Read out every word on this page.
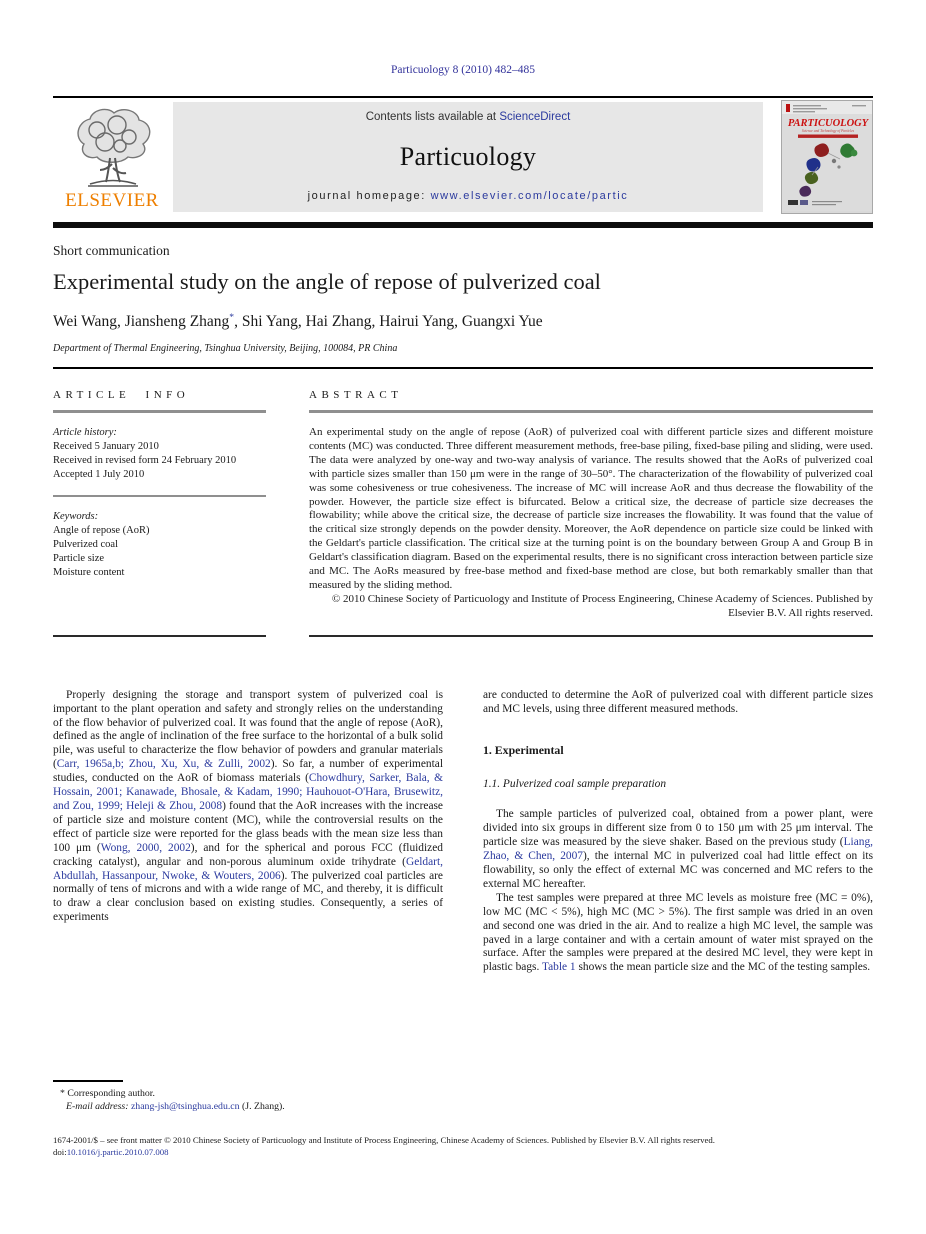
Particuology 8 (2010) 482–485
ELSEVIER
Contents lists available at ScienceDirect
Particuology
journal homepage: www.elsevier.com/locate/partic
PARTICUOLOGY
Science and Technology of Particles
Short communication
Experimental study on the angle of repose of pulverized coal
Wei Wang, Jiansheng Zhang*, Shi Yang, Hai Zhang, Hairui Yang, Guangxi Yue
Department of Thermal Engineering, Tsinghua University, Beijing, 100084, PR China
ARTICLE INFO
Article history:
Received 5 January 2010
Received in revised form 24 February 2010
Accepted 1 July 2010
Keywords:
Angle of repose (AoR)
Pulverized coal
Particle size
Moisture content
ABSTRACT
An experimental study on the angle of repose (AoR) of pulverized coal with different particle sizes and different moisture contents (MC) was conducted. Three different measurement methods, free-base piling, fixed-base piling and sliding, were used. The data were analyzed by one-way and two-way analysis of variance. The results showed that the AoRs of pulverized coal with particle sizes smaller than 150 μm were in the range of 30–50°. The characterization of the flowability of pulverized coal was some cohesiveness or true cohesiveness. The increase of MC will increase AoR and thus decrease the flowability of the powder. However, the particle size effect is bifurcated. Below a critical size, the decrease of particle size decreases the flowability; while above the critical size, the decrease of particle size increases the flowability. It was found that the value of the critical size strongly depends on the powder density. Moreover, the AoR dependence on particle size could be linked with the Geldart's particle classification. The critical size at the turning point is on the boundary between Group A and Group B in Geldart's classification diagram. Based on the experimental results, there is no significant cross interaction between particle size and MC. The AoRs measured by free-base method and fixed-base method are close, but both remarkably smaller than that measured by the sliding method.
© 2010 Chinese Society of Particuology and Institute of Process Engineering, Chinese Academy of Sciences. Published by Elsevier B.V. All rights reserved.

Properly designing the storage and transport system of pulverized coal is important to the plant operation and safety and strongly relies on the understanding of the flow behavior of pulverized coal. It was found that the angle of repose (AoR), defined as the angle of inclination of the free surface to the horizontal of a bulk solid pile, was useful to characterize the flow behavior of powders and granular materials (Carr, 1965a,b; Zhou, Xu, Xu, & Zulli, 2002). So far, a number of experimental studies, conducted on the AoR of biomass materials (Chowdhury, Sarker, Bala, & Hossain, 2001; Kanawade, Bhosale, & Kadam, 1990; Hauhouot-O'Hara, Brusewitz, and Zou, 1999; Heleji & Zhou, 2008) found that the AoR increases with the increase of particle size and moisture content (MC), while the controversial results on the effect of particle size were reported for the glass beads with the mean size less than 100 μm (Wong, 2000, 2002), and for the spherical and porous FCC (fluidized cracking catalyst), angular and non-porous aluminum oxide trihydrate (Geldart, Abdullah, Hassanpour, Nwoke, & Wouters, 2006). The pulverized coal particles are normally of tens of microns and with a wide range of MC, and thereby, it is difficult to draw a clear conclusion based on existing studies. Consequently, a series of experiments

are conducted to determine the AoR of pulverized coal with different particle sizes and MC levels, using three different measured methods.

1. Experimental
1.1. Pulverized coal sample preparation

The sample particles of pulverized coal, obtained from a power plant, were divided into six groups in different size from 0 to 150 μm with 25 μm interval. The particle size was measured by the sieve shaker. Based on the previous study (Liang, Zhao, & Chen, 2007), the internal MC in pulverized coal had little effect on its flowability, so only the effect of external MC was concerned and MC refers to the external MC hereafter.

The test samples were prepared at three MC levels as moisture free (MC = 0%), low MC (MC < 5%), high MC (MC > 5%). The first sample was dried in an oven and second one was dried in the air. And to realize a high MC level, the sample was paved in a large container and with a certain amount of water mist sprayed on the surface. After the samples were prepared at the desired MC level, they were kept in plastic bags. Table 1 shows the mean particle size and the MC of the testing samples.

* Corresponding author.
E-mail address: zhang-jsh@tsinghua.edu.cn (J. Zhang).
1674-2001/$ – see front matter © 2010 Chinese Society of Particuology and Institute of Process Engineering, Chinese Academy of Sciences. Published by Elsevier B.V. All rights reserved.
doi:10.1016/j.partic.2010.07.008
